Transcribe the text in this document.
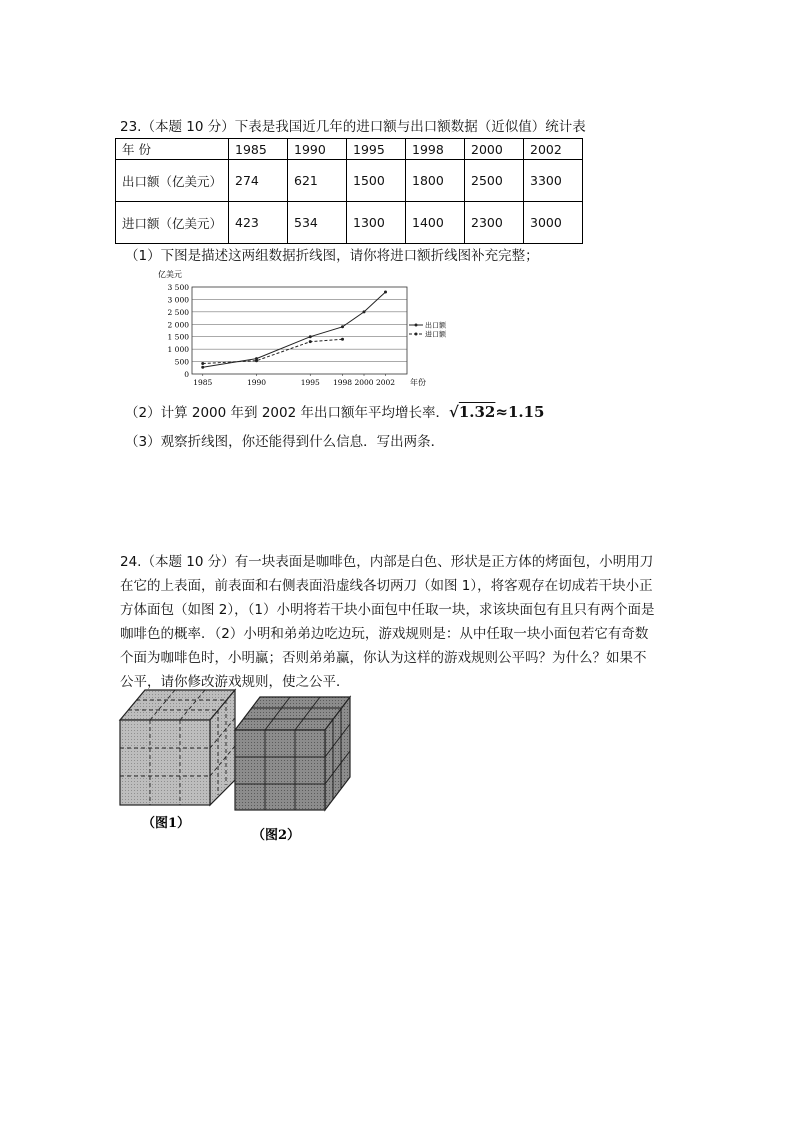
23.（本题 10 分）下表是我国近几年的进口额与出口额数据（近似值）统计表
年 份	1985	1990	1995	1998	2000	2002
出口额（亿美元）	274	621	1500	1800	2500	3300
进口额（亿美元）	423	534	1300	1400	2300	3000
（1）下图是描述这两组数据折线图，请你将进口额折线图补充完整；
0
500
1 000
1 500
2 000
2 500
3 000
3 500
亿美元
1985	1990	1995 1998 2000 2002 年份
出口额
进口额
（2）计算 2000 年到 2002 年出口额年平均增长率．√1.32≈1.15
（3）观察折线图，你还能得到什么信息．写出两条．
24.（本题 10 分）有一块表面是咖啡色，内部是白色、形状是正方体的烤面包，小明用刀
在它的上表面，前表面和右侧表面沿虚线各切两刀（如图 1），将客观存在切成若干块小正
方体面包（如图 2），（1）小明将若干块小面包中任取一块，求该块面包有且只有两个面是
咖啡色的概率．（2）小明和弟弟边吃边玩，游戏规则是：从中任取一块小面包若它有奇数
个面为咖啡色时，小明赢；否则弟弟赢，你认为这样的游戏规则公平吗？为什么？如果不
公平，请你修改游戏规则，使之公平．
（图1）
（图2）
